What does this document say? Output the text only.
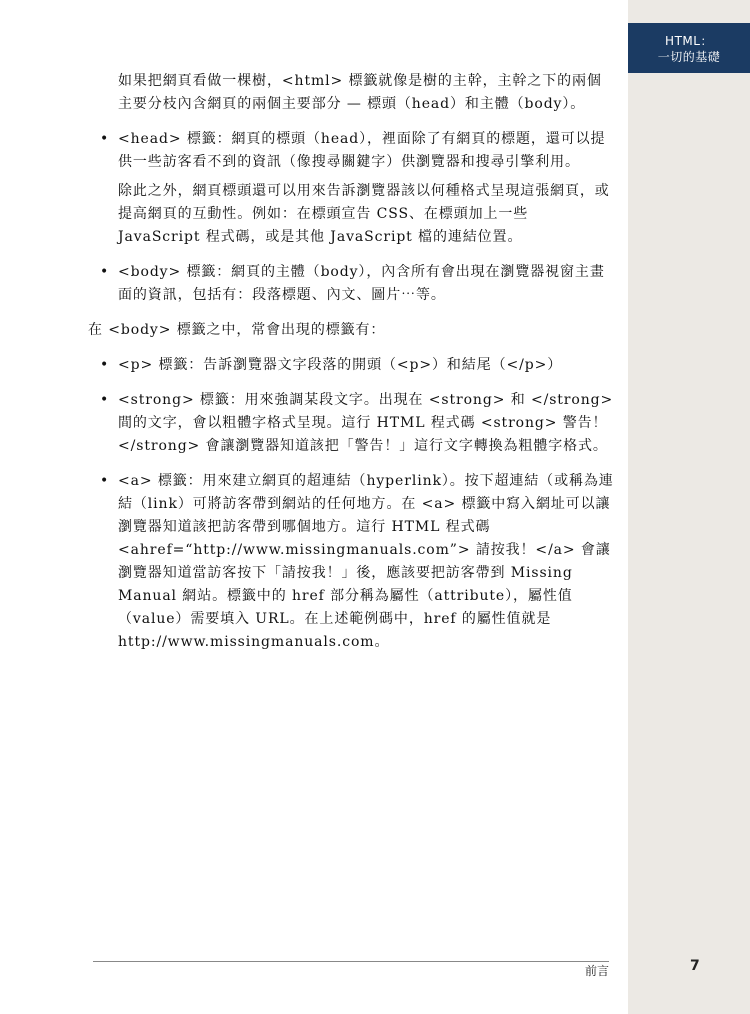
HTML：
一切的基礎

如果把網頁看做一棵樹，<html> 標籤就像是樹的主幹，主幹之下的兩個主要分枝內含網頁的兩個主要部分 — 標頭（head）和主體（body）。

• <head> 標籤：網頁的標頭（head），裡面除了有網頁的標題，還可以提供一些訪客看不到的資訊（像搜尋關鍵字）供瀏覽器和搜尋引擎利用。

除此之外，網頁標頭還可以用來告訴瀏覽器該以何種格式呈現這張網頁，或提高網頁的互動性。例如：在標頭宣告 CSS、在標頭加上一些 JavaScript 程式碼，或是其他 JavaScript 檔的連結位置。

• <body> 標籤：網頁的主體（body），內含所有會出現在瀏覽器視窗主畫面的資訊，包括有：段落標題、內文、圖片⋯等。

在 <body> 標籤之中，常會出現的標籤有：

• <p> 標籤：告訴瀏覽器文字段落的開頭（<p>）和結尾（</p>）

• <strong> 標籤：用來強調某段文字。出現在 <strong> 和 </strong> 間的文字，會以粗體字格式呈現。這行 HTML 程式碼 <strong> 警告！</strong> 會讓瀏覽器知道該把「警告！」這行文字轉換為粗體字格式。

• <a> 標籤：用來建立網頁的超連結（hyperlink）。按下超連結（或稱為連結（link）可將訪客帶到網站的任何地方。在 <a> 標籤中寫入網址可以讓瀏覽器知道該把訪客帶到哪個地方。這行 HTML 程式碼 <ahref=“http://www.missingmanuals.com”> 請按我！</a> 會讓瀏覽器知道當訪客按下「請按我！」後，應該要把訪客帶到 Missing Manual 網站。標籤中的 href 部分稱為屬性（attribute），屬性值（value）需要填入 URL。在上述範例碼中，href 的屬性值就是 http://www.missingmanuals.com。

前言	7
